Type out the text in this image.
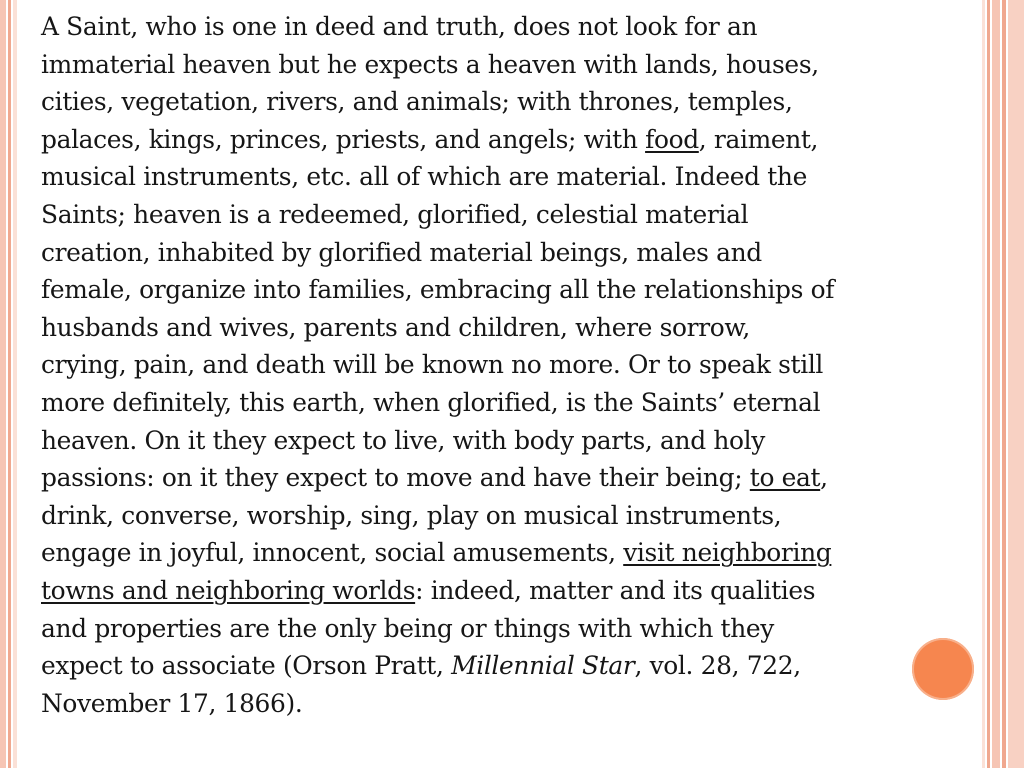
A Saint, who is one in deed and truth, does not look for an
immaterial heaven but he expects a heaven with lands, houses,
cities, vegetation, rivers, and animals; with thrones, temples,
palaces, kings, princes, priests, and angels; with food, raiment,
musical instruments, etc. all of which are material. Indeed the
Saints; heaven is a redeemed, glorified, celestial material
creation, inhabited by glorified material beings, males and
female, organize into families, embracing all the relationships of
husbands and wives, parents and children, where sorrow,
crying, pain, and death will be known no more. Or to speak still
more definitely, this earth, when glorified, is the Saints’ eternal
heaven. On it they expect to live, with body parts, and holy
passions: on it they expect to move and have their being; to eat,
drink, converse, worship, sing, play on musical instruments,
engage in joyful, innocent, social amusements, visit neighboring
towns and neighboring worlds: indeed, matter and its qualities
and properties are the only being or things with which they
expect to associate (Orson Pratt, Millennial Star, vol. 28, 722,
November 17, 1866).
